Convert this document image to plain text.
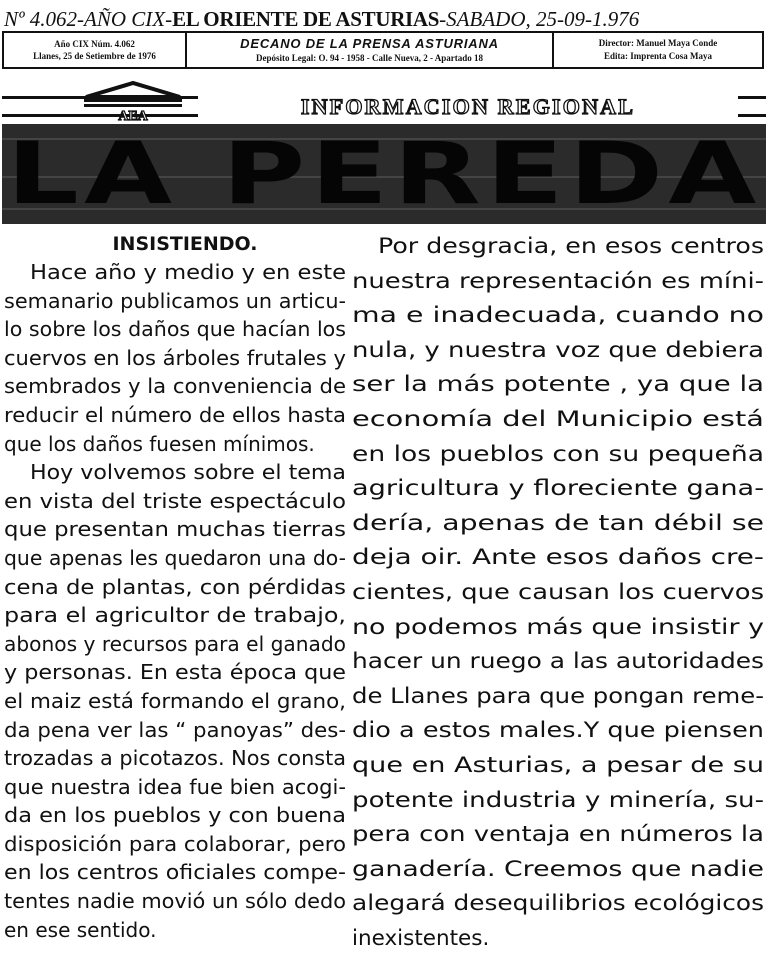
Nº 4.062-AÑO CIX-EL ORIENTE DE ASTURIAS-SABADO, 25-09-1.976
Año CIX Núm. 4.062
Llanes, 25 de Setiembre de 1976
DECANO DE LA PRENSA ASTURIANA
Depósito Legal: O. 94 - 1958 - Calle Nueva, 2 - Apartado 18
Director: Manuel Maya Conde
Edita: Imprenta Cosa Maya
INFORMACION REGIONAL
AEA
LA PEREDA
INSISTIENDO.
Hace año y medio y en este
semanario publicamos un articu-
lo sobre los daños que hacían los
cuervos en los árboles frutales y
sembrados y la conveniencia de
reducir el número de ellos hasta
que los daños fuesen mínimos.
Hoy volvemos sobre el tema
en vista del triste espectáculo
que presentan muchas tierras
que apenas les quedaron una do-
cena de plantas, con pérdidas
para el agricultor de trabajo,
abonos y recursos para el ganado
y personas. En esta época que
el maiz está formando el grano,
da pena ver las “ panoyas” des-
trozadas a picotazos. Nos consta
que nuestra idea fue bien acogi-
da en los pueblos y con buena
disposición para colaborar, pero
en los centros oficiales compe-
tentes nadie movió un sólo dedo
en ese sentido.
Por desgracia, en esos centros
nuestra representación es míni-
ma e inadecuada, cuando no
nula, y nuestra voz que debiera
ser la más potente , ya que la
economía del Municipio está
en los pueblos con su pequeña
agricultura y floreciente gana-
dería, apenas de tan débil se
deja oir. Ante esos daños cre-
cientes, que causan los cuervos
no podemos más que insistir y
hacer un ruego a las autoridades
de Llanes para que pongan reme-
dio a estos males.Y que piensen
que en Asturias, a pesar de su
potente industria y minería, su-
pera con ventaja en números la
ganadería. Creemos que nadie
alegará desequilibrios ecológicos
inexistentes.
